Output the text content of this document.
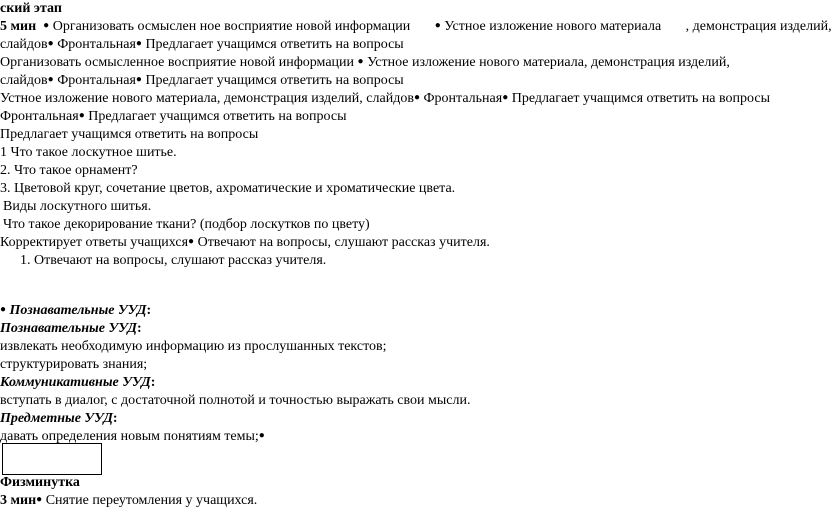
ский этап
5 мин ● Организовать осмыслен ное восприятие новой информации ● Устное изложение нового материала , демонстрация изделий,
слайдов● Фронтальная● Предлагает учащимся ответить на вопросы
Организовать осмысленное восприятие новой информации ● Устное изложение нового материала, демонстрация изделий,
слайдов● Фронтальная● Предлагает учащимся ответить на вопросы
Устное изложение нового материала, демонстрация изделий, слайдов● Фронтальная● Предлагает учащимся ответить на вопросы
Фронтальная● Предлагает учащимся ответить на вопросы
Предлагает учащимся ответить на вопросы
1 Что такое лоскутное шитье.
2. Что такое орнамент?
3. Цветовой круг, сочетание цветов, ахроматические и хроматические цвета.
Виды лоскутного шитья.
Что такое декорирование ткани? (подбор лоскутков по цвету)
Корректирует ответы учащихся● Отвечают на вопросы, слушают рассказ учителя.
1. Отвечают на вопросы, слушают рассказ учителя.
● Познавательные УУД:
Познавательные УУД:
извлекать необходимую информацию из прослушанных текстов;
структурировать знания;
Коммуникативные УУД:
вступать в диалог, с достаточной полнотой и точностью выражать свои мысли.
Предметные УУД:
давать определения новым понятиям темы;●
Физминутка
3 мин● Снятие переутомления у учащихся.
